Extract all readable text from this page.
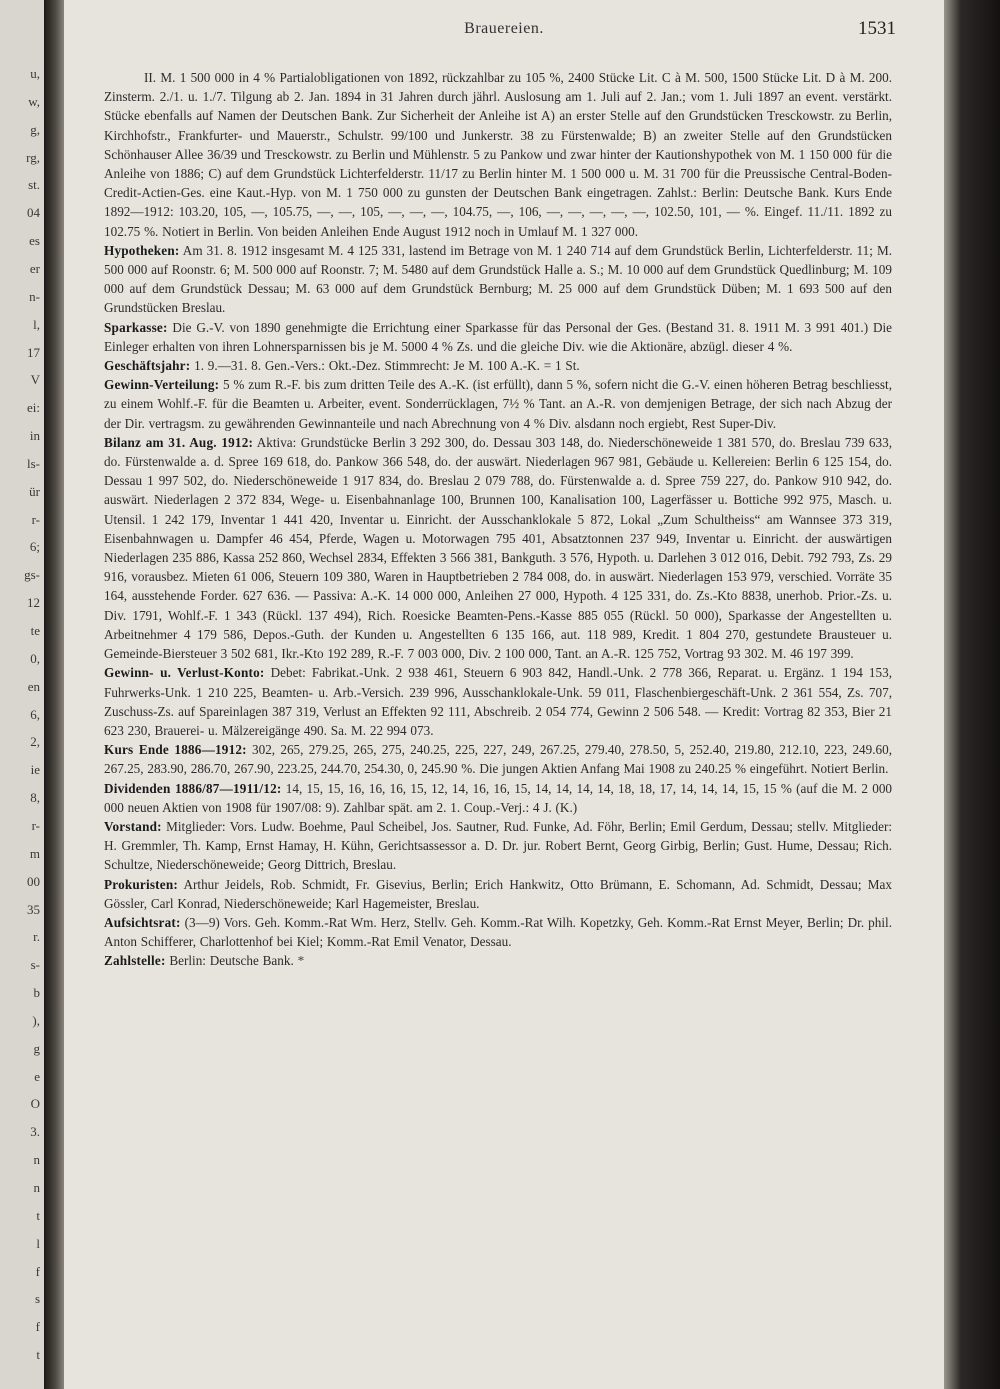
u,
w,
g,
rg,
st.
04
es
er
n-
l,
17
V
ei:
in
ls-
ür
r-
6;
gs-
12
te
0,
en
6,
2,
ie
8,
r-
m
00
35
r.
s-
b
),
g
e
O
3.
n
n
t
l
f
s
f
t
Brauereien.	1531

II. M. 1 500 000 in 4 % Partialobligationen von 1892, rückzahlbar zu 105 %, 2400 Stücke Lit. C à M. 500, 1500 Stücke Lit. D à M. 200. Zinsterm. 2./1. u. 1./7. Tilgung ab 2. Jan. 1894 in 31 Jahren durch jährl. Auslosung am 1. Juli auf 2. Jan.; vom 1. Juli 1897 an event. verstärkt. Stücke ebenfalls auf Namen der Deutschen Bank. Zur Sicherheit der Anleihe ist A) an erster Stelle auf den Grundstücken Tresckowstr. zu Berlin, Kirchhofstr., Frankfurter- und Mauerstr., Schulstr. 99/100 und Junkerstr. 38 zu Fürstenwalde; B) an zweiter Stelle auf den Grundstücken Schönhauser Allee 36/39 und Tresckowstr. zu Berlin und Mühlenstr. 5 zu Pankow und zwar hinter der Kautionshypothek von M. 1 150 000 für die Anleihe von 1886; C) auf dem Grundstück Lichterfelderstr. 11/17 zu Berlin hinter M. 1 500 000 u. M. 31 700 für die Preussische Central-Boden-Credit-Actien-Ges. eine Kaut.-Hyp. von M. 1 750 000 zu gunsten der Deutschen Bank eingetragen. Zahlst.: Berlin: Deutsche Bank. Kurs Ende 1892—1912: 103.20, 105, —, 105.75, —, —, 105, —, —, —, 104.75, —, 106, —, —, —, —, —, 102.50, 101, — %. Eingef. 11./11. 1892 zu 102.75 %. Notiert in Berlin. Von beiden Anleihen Ende August 1912 noch in Umlauf M. 1 327 000.

Hypotheken: Am 31. 8. 1912 insgesamt M. 4 125 331, lastend im Betrage von M. 1 240 714 auf dem Grundstück Berlin, Lichterfelderstr. 11; M. 500 000 auf Roonstr. 6; M. 500 000 auf Roonstr. 7; M. 5480 auf dem Grundstück Halle a. S.; M. 10 000 auf dem Grundstück Quedlinburg; M. 109 000 auf dem Grundstück Dessau; M. 63 000 auf dem Grundstück Bernburg; M. 25 000 auf dem Grundstück Düben; M. 1 693 500 auf den Grundstücken Breslau.

Sparkasse: Die G.-V. von 1890 genehmigte die Errichtung einer Sparkasse für das Personal der Ges. (Bestand 31. 8. 1911 M. 3 991 401.) Die Einleger erhalten von ihren Lohnersparnissen bis je M. 5000 4 % Zs. und die gleiche Div. wie die Aktionäre, abzügl. dieser 4 %.

Geschäftsjahr: 1. 9.—31. 8. Gen.-Vers.: Okt.-Dez. Stimmrecht: Je M. 100 A.-K. = 1 St.

Gewinn-Verteilung: 5 % zum R.-F. bis zum dritten Teile des A.-K. (ist erfüllt), dann 5 %, sofern nicht die G.-V. einen höheren Betrag beschliesst, zu einem Wohlf.-F. für die Beamten u. Arbeiter, event. Sonderrücklagen, 7½ % Tant. an A.-R. von demjenigen Betrage, der sich nach Abzug der der Dir. vertragsm. zu gewährenden Gewinnanteile und nach Abrechnung von 4 % Div. alsdann noch ergiebt, Rest Super-Div.

Bilanz am 31. Aug. 1912: Aktiva: Grundstücke Berlin 3 292 300, do. Dessau 303 148, do. Niederschöneweide 1 381 570, do. Breslau 739 633, do. Fürstenwalde a. d. Spree 169 618, do. Pankow 366 548, do. der auswärt. Niederlagen 967 981, Gebäude u. Kellereien: Berlin 6 125 154, do. Dessau 1 997 502, do. Niederschöneweide 1 917 834, do. Breslau 2 079 788, do. Fürstenwalde a. d. Spree 759 227, do. Pankow 910 942, do. auswärt. Niederlagen 2 372 834, Wege- u. Eisenbahnanlage 100, Brunnen 100, Kanalisation 100, Lagerfässer u. Bottiche 992 975, Masch. u. Utensil. 1 242 179, Inventar 1 441 420, Inventar u. Einricht. der Ausschanklokale 5 872, Lokal „Zum Schultheiss“ am Wannsee 373 319, Eisenbahnwagen u. Dampfer 46 454, Pferde, Wagen u. Motorwagen 795 401, Absatztonnen 237 949, Inventar u. Einricht. der auswärtigen Niederlagen 235 886, Kassa 252 860, Wechsel 2834, Effekten 3 566 381, Bankguth. 3 576, Hypoth. u. Darlehen 3 012 016, Debit. 792 793, Zs. 29 916, vorausbez. Mieten 61 006, Steuern 109 380, Waren in Hauptbetrieben 2 784 008, do. in auswärt. Niederlagen 153 979, verschied. Vorräte 35 164, ausstehende Forder. 627 636. — Passiva: A.-K. 14 000 000, Anleihen 27 000, Hypoth. 4 125 331, do. Zs.-Kto 8838, unerhob. Prior.-Zs. u. Div. 1791, Wohlf.-F. 1 343 (Rückl. 137 494), Rich. Roesicke Beamten-Pens.-Kasse 885 055 (Rückl. 50 000), Sparkasse der Angestellten u. Arbeitnehmer 4 179 586, Depos.-Guth. der Kunden u. Angestellten 6 135 166, aut. 118 989, Kredit. 1 804 270, gestundete Brausteuer u. Gemeinde-Biersteuer 3 502 681, Ikr.-Kto 192 289, R.-F. 7 003 000, Div. 2 100 000, Tant. an A.-R. 125 752, Vortrag 93 302. M. 46 197 399.

Gewinn- u. Verlust-Konto: Debet: Fabrikat.-Unk. 2 938 461, Steuern 6 903 842, Handl.-Unk. 2 778 366, Reparat. u. Ergänz. 1 194 153, Fuhrwerks-Unk. 1 210 225, Beamten- u. Arb.-Versich. 239 996, Ausschanklokale-Unk. 59 011, Flaschenbiergeschäft-Unk. 2 361 554, Zs. 707, Zuschuss-Zs. auf Spareinlagen 387 319, Verlust an Effekten 92 111, Abschreib. 2 054 774, Gewinn 2 506 548. — Kredit: Vortrag 82 353, Bier 21 623 230, Brauerei- u. Mälzereigänge 490. Sa. M. 22 994 073.

Kurs Ende 1886—1912: 302, 265, 279.25, 265, 275, 240.25, 225, 227, 249, 267.25, 279.40, 278.50, 5, 252.40, 219.80, 212.10, 223, 249.60, 267.25, 283.90, 286.70, 267.90, 223.25, 244.70, 254.30, 0, 245.90 %. Die jungen Aktien Anfang Mai 1908 zu 240.25 % eingeführt. Notiert Berlin.

Dividenden 1886/87—1911/12: 14, 15, 15, 16, 16, 16, 15, 12, 14, 16, 16, 15, 14, 14, 14, 14, 18, 18, 17, 14, 14, 14, 15, 15 % (auf die M. 2 000 000 neuen Aktien von 1908 für 1907/08: 9). Zahlbar spät. am 2. 1. Coup.-Verj.: 4 J. (K.)

Vorstand: Mitglieder: Vors. Ludw. Boehme, Paul Scheibel, Jos. Sautner, Rud. Funke, Ad. Föhr, Berlin; Emil Gerdum, Dessau; stellv. Mitglieder: H. Gremmler, Th. Kamp, Ernst Hamay, H. Kühn, Gerichtsassessor a. D. Dr. jur. Robert Bernt, Georg Girbig, Berlin; Gust. Hume, Dessau; Rich. Schultze, Niederschöneweide; Georg Dittrich, Breslau.

Prokuristen: Arthur Jeidels, Rob. Schmidt, Fr. Gisevius, Berlin; Erich Hankwitz, Otto Brümann, E. Schomann, Ad. Schmidt, Dessau; Max Gössler, Carl Konrad, Niederschöneweide; Karl Hagemeister, Breslau.

Aufsichtsrat: (3—9) Vors. Geh. Komm.-Rat Wm. Herz, Stellv. Geh. Komm.-Rat Wilh. Kopetzky, Geh. Komm.-Rat Ernst Meyer, Berlin; Dr. phil. Anton Schifferer, Charlottenhof bei Kiel; Komm.-Rat Emil Venator, Dessau.

Zahlstelle: Berlin: Deutsche Bank. *
